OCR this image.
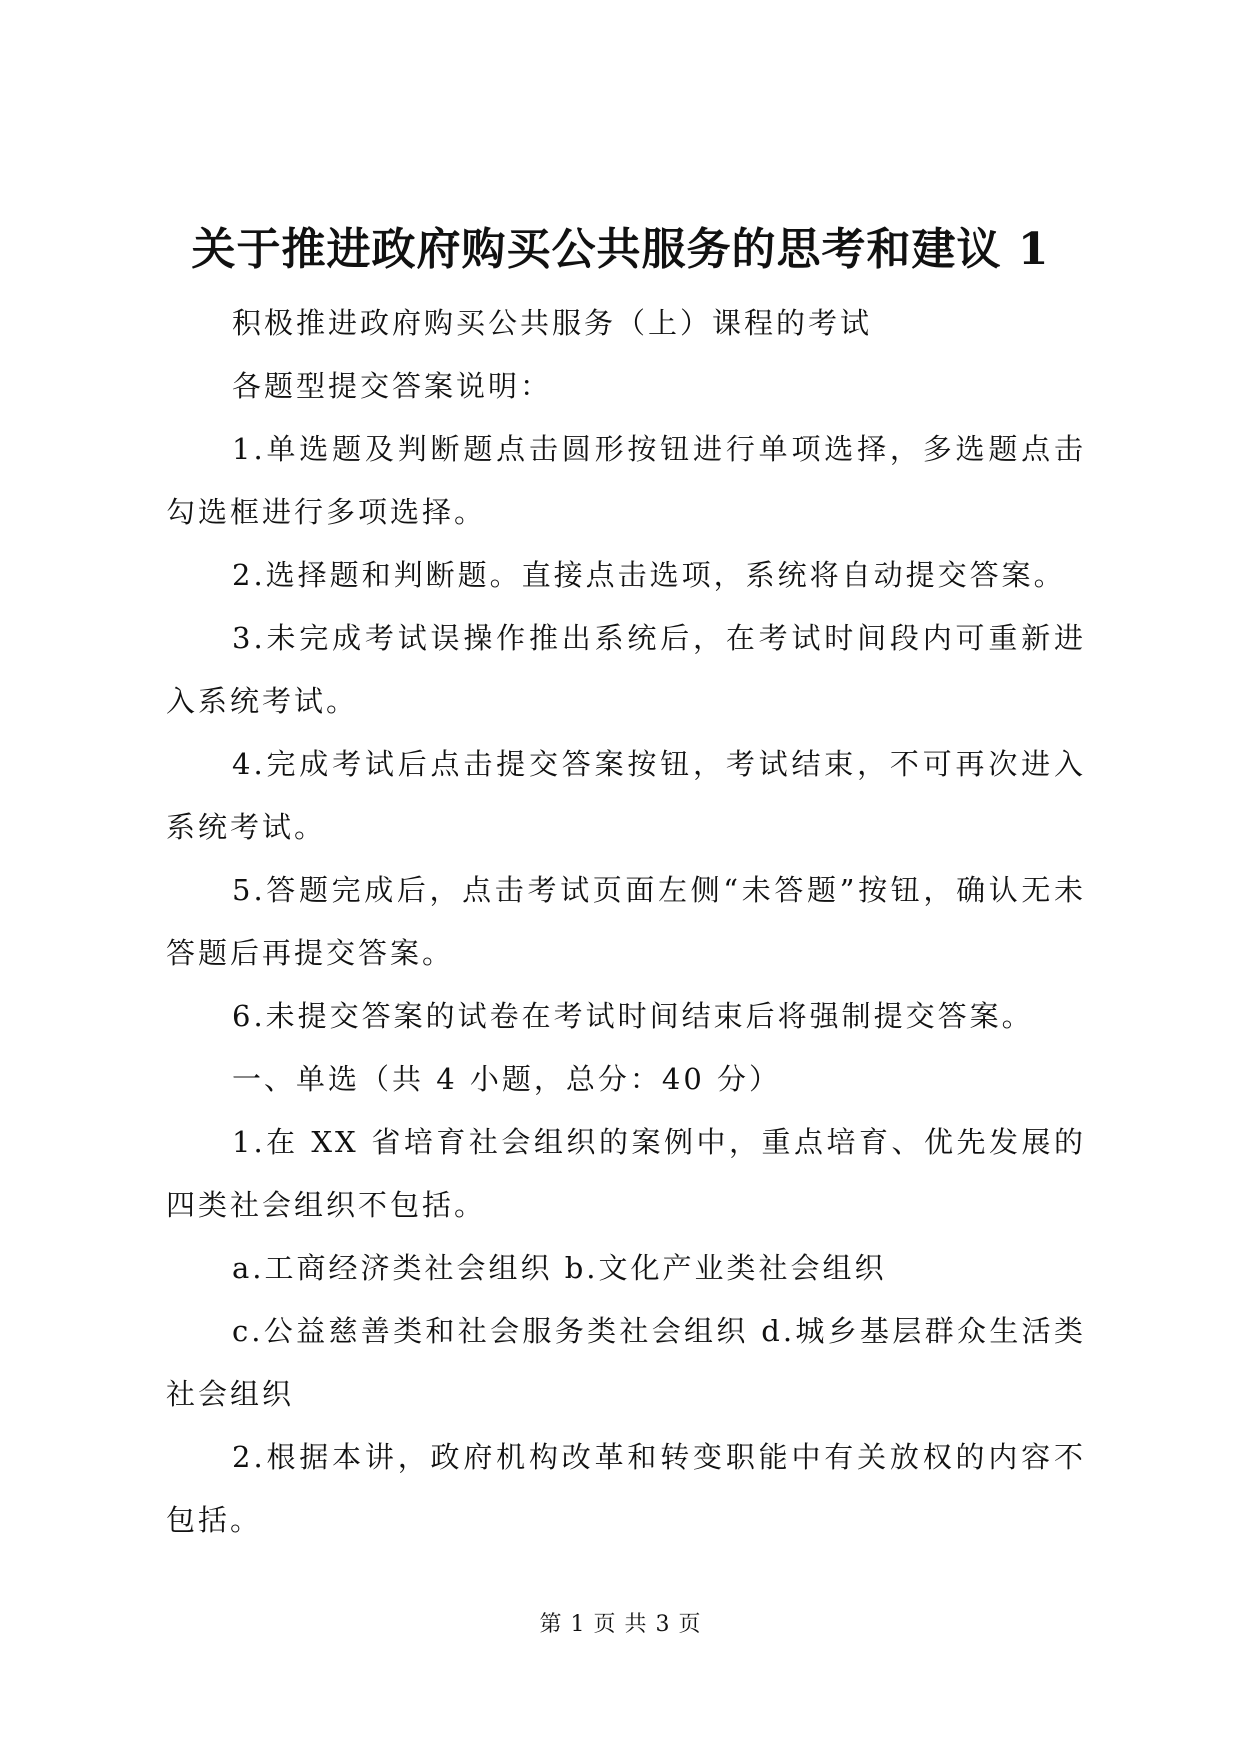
关于推进政府购买公共服务的思考和建议 1

积极推进政府购买公共服务（上）课程的考试

各题型提交答案说明：

1.单选题及判断题点击圆形按钮进行单项选择，多选题点击勾选框进行多项选择。

2.选择题和判断题。直接点击选项，系统将自动提交答案。

3.未完成考试误操作推出系统后，在考试时间段内可重新进入系统考试。

4.完成考试后点击提交答案按钮，考试结束，不可再次进入系统考试。

5.答题完成后，点击考试页面左侧“未答题”按钮，确认无未答题后再提交答案。

6.未提交答案的试卷在考试时间结束后将强制提交答案。

一、单选（共 4 小题，总分：40 分）

1.在 XX 省培育社会组织的案例中，重点培育、优先发展的四类社会组织不包括。

a.工商经济类社会组织 b.文化产业类社会组织

c.公益慈善类和社会服务类社会组织 d.城乡基层群众生活类社会组织

2.根据本讲，政府机构改革和转变职能中有关放权的内容不包括。

第 1 页 共 3 页
